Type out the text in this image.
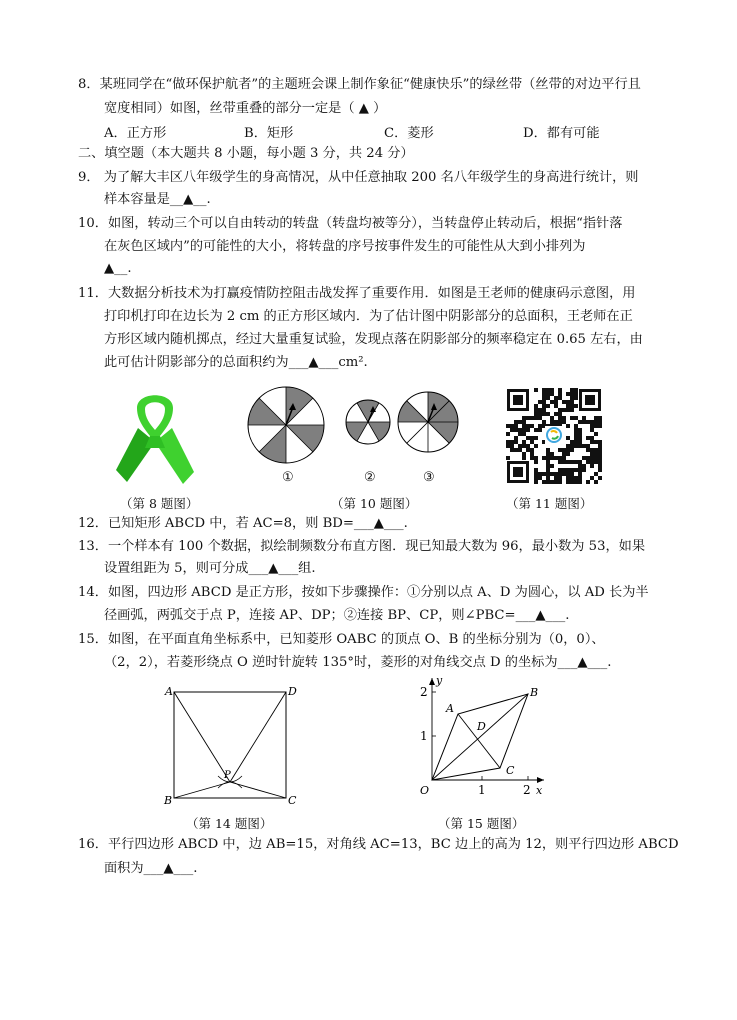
8．某班同学在“做环保护航者”的主题班会课上制作象征“健康快乐”的绿丝带（丝带的对边平行且
宽度相同）如图，丝带重叠的部分一定是（ ▲ ）
A．正方形	B．矩形	C．菱形	D．都有可能
二、填空题（本大题共 8 小题，每小题 3 分，共 24 分）
9． 为了解大丰区八年级学生的身高情况，从中任意抽取 200 名八年级学生的身高进行统计，则
样本容量是__▲__.
10．如图，转动三个可以自由转动的转盘（转盘均被等分），当转盘停止转动后，根据“指针落
在灰色区域内”的可能性的大小，将转盘的序号按事件发生的可能性从大到小排列为
▲__.
11．大数据分析技术为打赢疫情防控阻击战发挥了重要作用．如图是王老师的健康码示意图，用
打印机打印在边长为 2 cm 的正方形区域内．为了估计图中阴影部分的总面积，王老师在正
方形区域内随机掷点，经过大量重复试验，发现点落在阴影部分的频率稳定在 0.65 左右，由
此可估计阴影部分的总面积约为___▲___cm².
①	②	③
（第 8 题图）	（第 10 题图）	（第 11 题图）
12．已知矩形 ABCD 中，若 AC=8，则 BD=___▲___.
13．一个样本有 100 个数据，拟绘制频数分布直方图．现已知最大数为 96，最小数为 53，如果
设置组距为 5，则可分成___▲___组.
14．如图，四边形 ABCD 是正方形，按如下步骤操作：①分别以点 A、D 为圆心，以 AD 长为半
径画弧，两弧交于点 P，连接 AP、DP；②连接 BP、CP，则∠PBC=___▲___.
15．如图，在平面直角坐标系中，已知菱形 OABC 的顶点 O、B 的坐标分别为（0，0）、
（2，2），若菱形绕点 O 逆时针旋转 135°时，菱形的对角线交点 D 的坐标为___▲___.
A	D
B	C
P
（第 14 题图）
A
B
C
D
O	x
y
1	2
1
2
（第 15 题图）
16．平行四边形 ABCD 中，边 AB=15，对角线 AC=13，BC 边上的高为 12，则平行四边形 ABCD
面积为___▲___.
